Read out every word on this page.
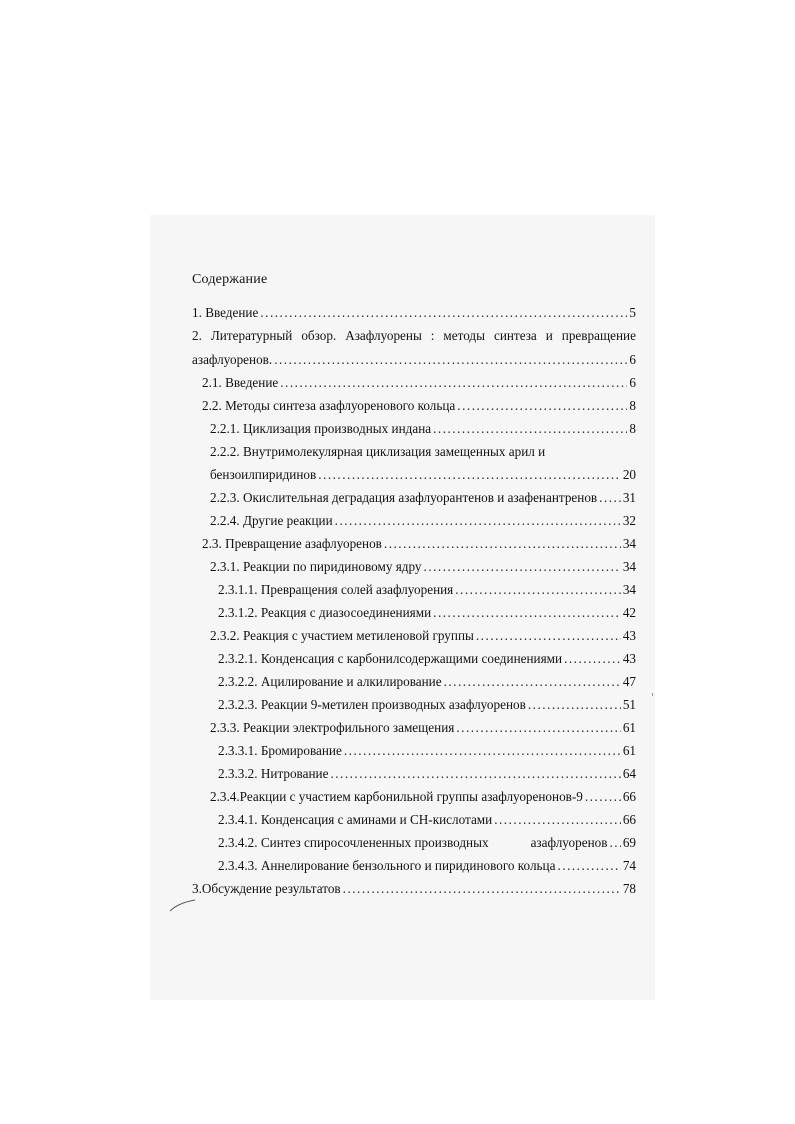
Содержание
1. Введение .....	5
2. Литературный обзор. Азафлуорены : методы синтеза и превращение
азафлуоренов. .....	6
2.1. Введение .....	6
2.2. Методы синтеза азафлуоренового кольца .....	8
2.2.1. Циклизация производных индана .....	8
2.2.2. Внутримолекулярная циклизация замещенных арил и
бензоилпиридинов .....	20
2.2.3. Окислительная деградация азафлуорантенов и азафенантренов ..... 31
2.2.4. Другие реакции .....	32
2.3. Превращение азафлуоренов .....	34
2.3.1. Реакции по пиридиновому ядру .....	34
2.3.1.1. Превращения солей азафлуорения .....	34
2.3.1.2. Реакция с диазосоединениями .....	42
2.3.2. Реакция с участием метиленовой группы .....	43
2.3.2.1. Конденсация с карбонилсодержащими соединениями .....	43
2.3.2.2. Ацилирование и алкилирование .....	47
2.3.2.3. Реакции 9-метилен производных азафлуоренов .....	51
2.3.3. Реакции электрофильного замещения .....	61
2.3.3.1. Бромирование .....	61
2.3.3.2. Нитрование .....	64
2.3.4.Реакции с участием карбонильной группы азафлуоренонов-9 .....	66
2.3.4.1. Конденсация с аминами и CH-кислотами .....	66
2.3.4.2. Синтез спиросочлененных производных	азафлуоренов ..... 69
2.3.4.3. Аннелирование бензольного и пиридинового кольца .....	74
3.Обсуждение результатов .....	78
